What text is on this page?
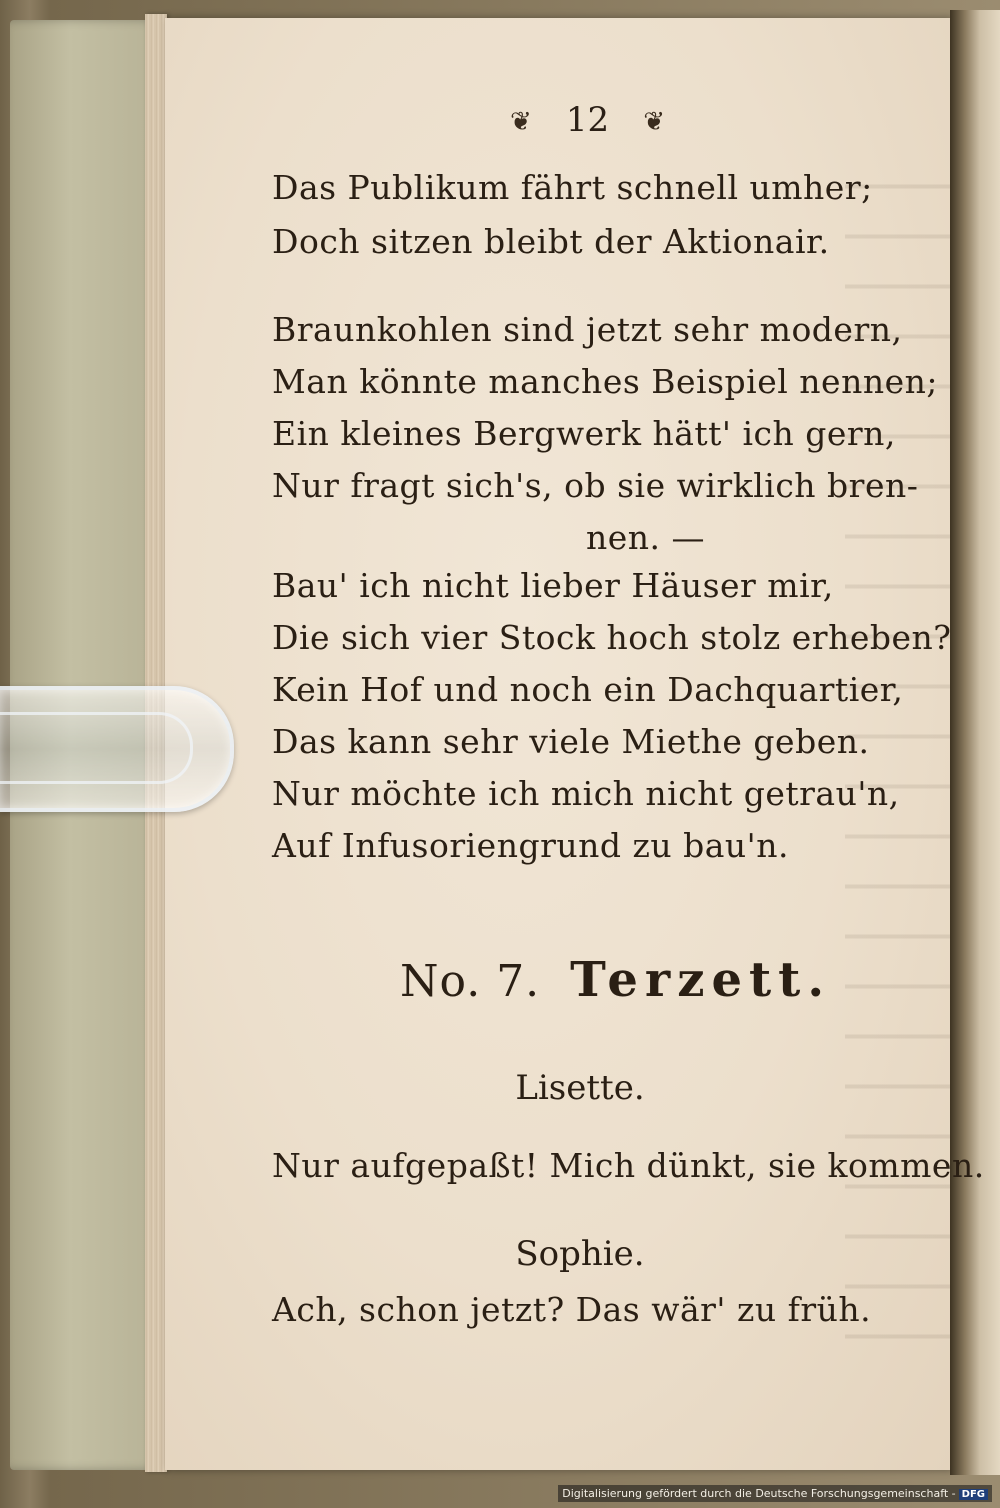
❦ 12 ❦
Das Publikum fährt schnell umher;
Doch sitzen bleibt der Aktionair.
Braunkohlen sind jetzt sehr modern,
Man könnte manches Beispiel nennen;
Ein kleines Bergwerk hätt' ich gern,
Nur fragt sich's, ob sie wirklich bren-
nen. —
Bau' ich nicht lieber Häuser mir,
Die sich vier Stock hoch stolz erheben?
Kein Hof und noch ein Dachquartier,
Das kann sehr viele Miethe geben.
Nur möchte ich mich nicht getrau'n,
Auf Infusoriengrund zu bau'n.
No. 7. Terzett.
Lisette.
Nur aufgepaßt! Mich dünkt, sie kommen.
Sophie.
Ach, schon jetzt? Das wär' zu früh.
Digitalisierung gefördert durch die Deutsche Forschungsgemeinschaft - DFG
